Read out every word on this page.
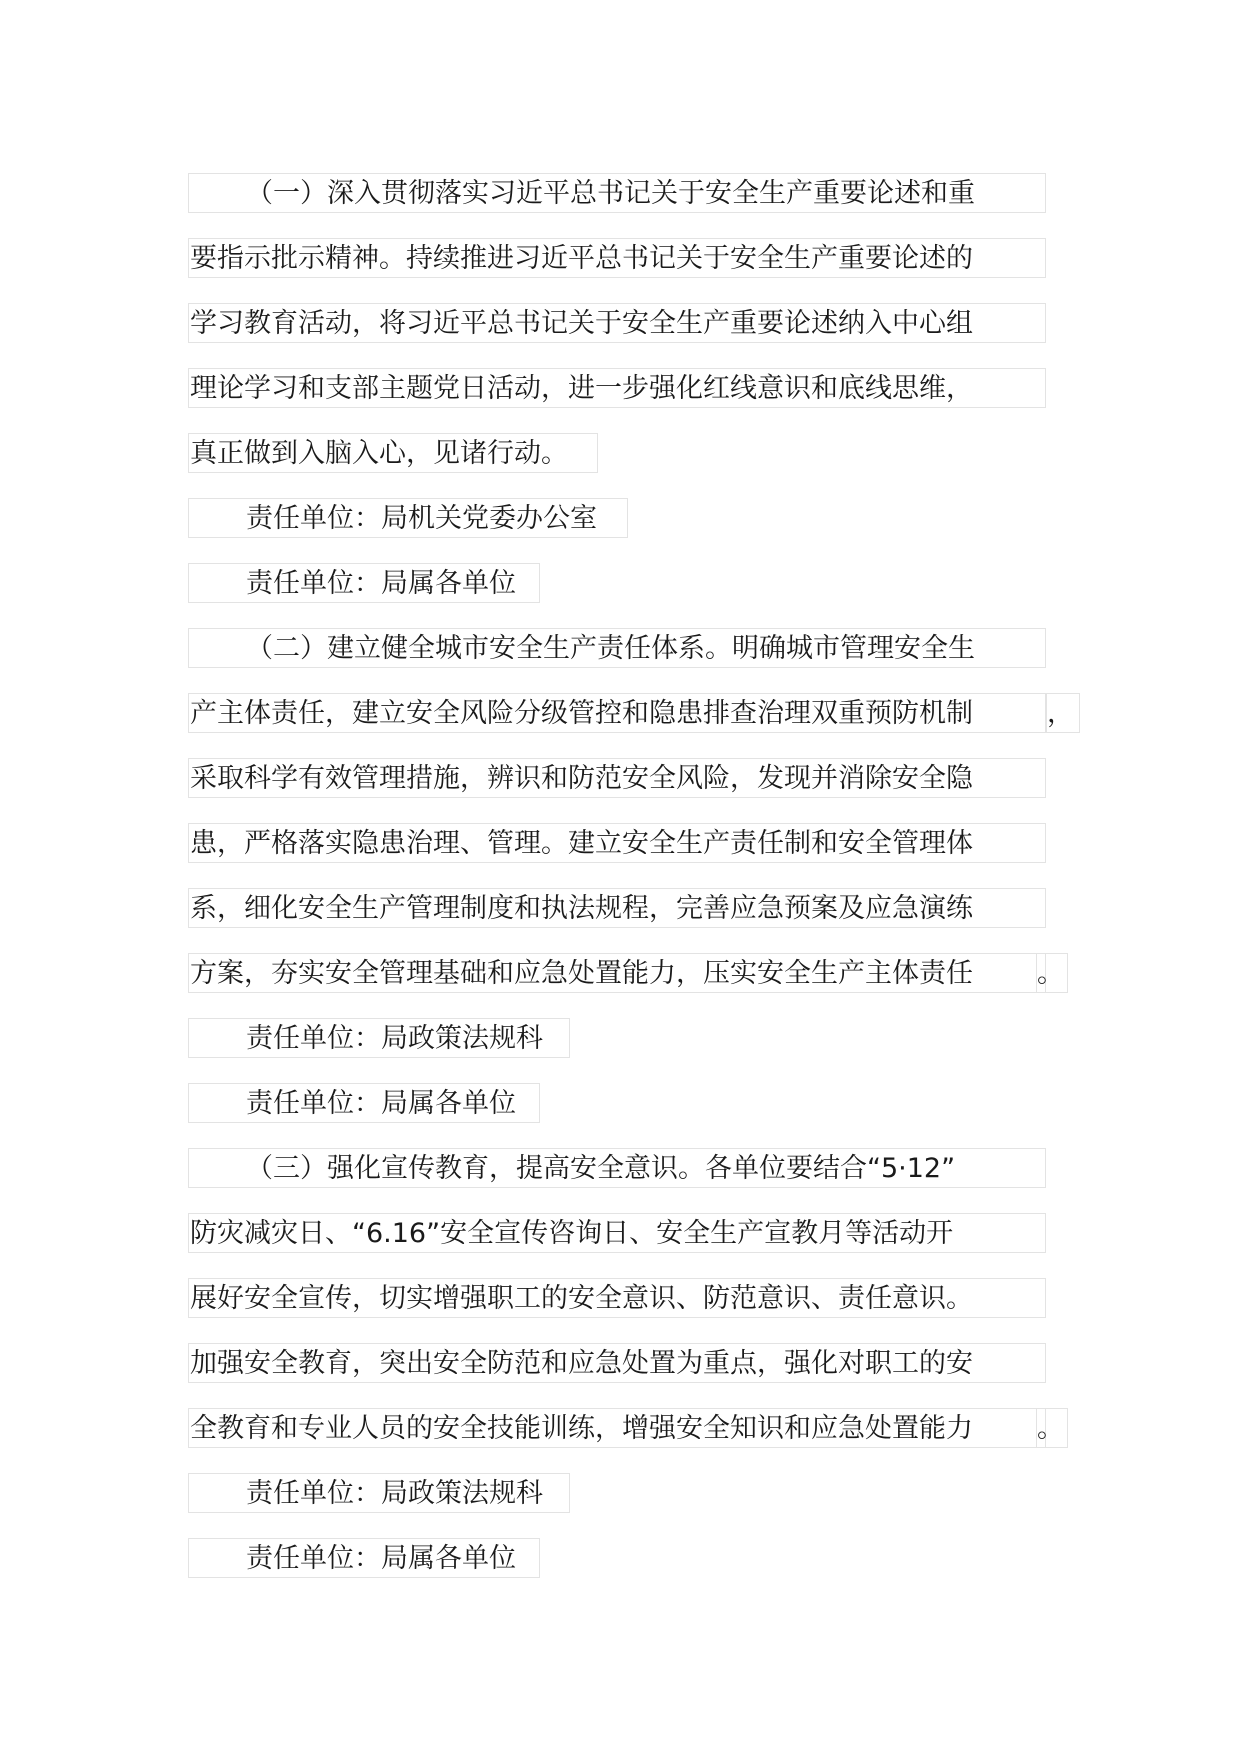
（一）深入贯彻落实习近平总书记关于安全生产重要论述和重
要指示批示精神。持续推进习近平总书记关于安全生产重要论述的
学习教育活动，将习近平总书记关于安全生产重要论述纳入中心组
理论学习和支部主题党日活动，进一步强化红线意识和底线思维，
真正做到入脑入心，见诸行动。
责任单位：局机关党委办公室
责任单位：局属各单位
（二）建立健全城市安全生产责任体系。明确城市管理安全生
产主体责任，建立安全风险分级管控和隐患排查治理双重预防机制	，
采取科学有效管理措施，辨识和防范安全风险，发现并消除安全隐
患，严格落实隐患治理、管理。建立安全生产责任制和安全管理体
系，细化安全生产管理制度和执法规程，完善应急预案及应急演练
方案，夯实安全管理基础和应急处置能力，压实安全生产主体责任	。
责任单位：局政策法规科
责任单位：局属各单位
（三）强化宣传教育，提高安全意识。各单位要结合“5·12”
防灾减灾日、“6.16”安全宣传咨询日、安全生产宣教月等活动开
展好安全宣传，切实增强职工的安全意识、防范意识、责任意识。
加强安全教育，突出安全防范和应急处置为重点，强化对职工的安
全教育和专业人员的安全技能训练，增强安全知识和应急处置能力	。
责任单位：局政策法规科
责任单位：局属各单位
